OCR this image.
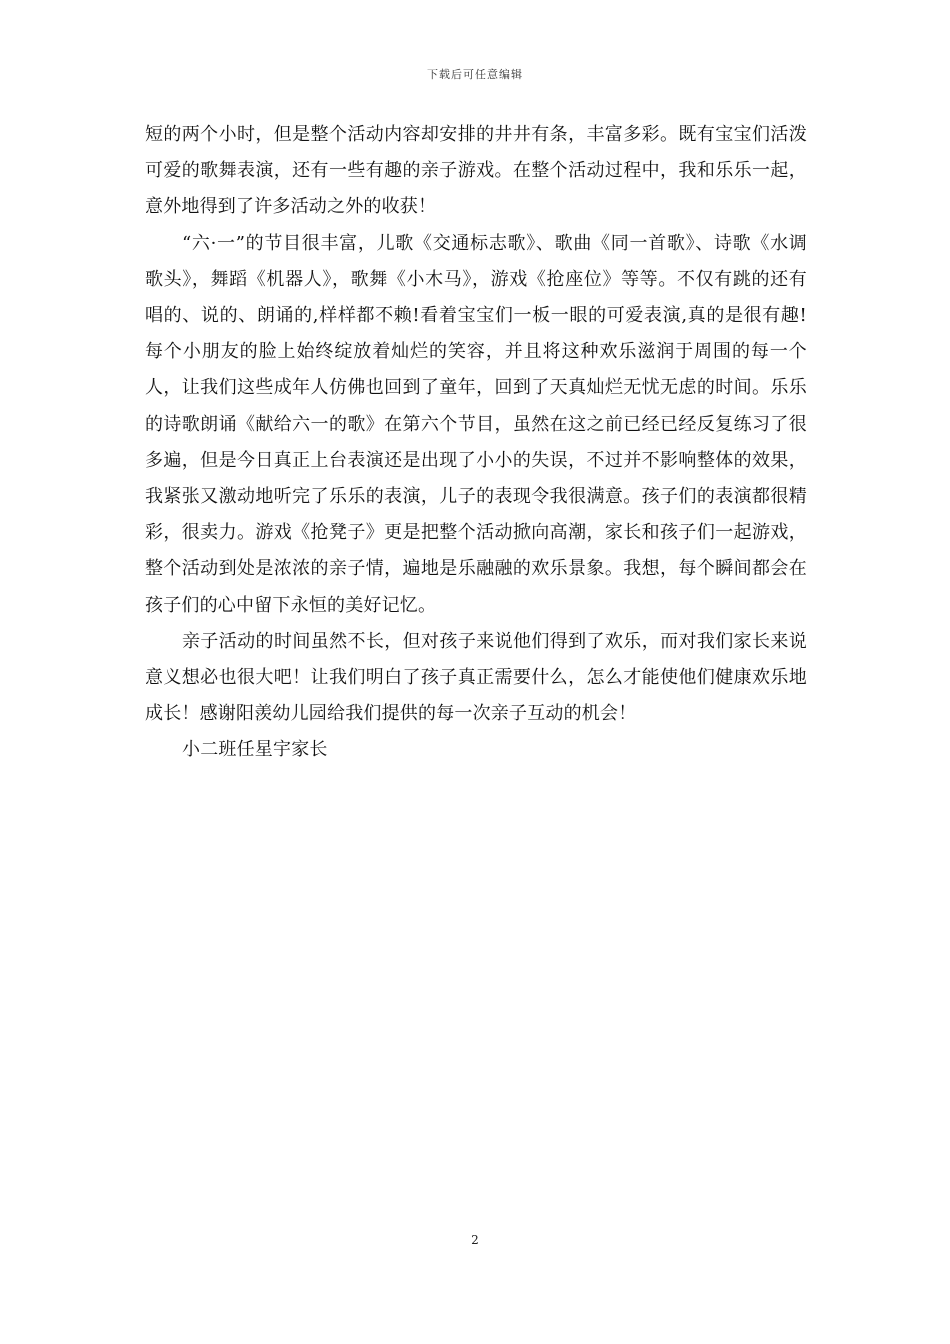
下载后可任意编辑

短的两个小时，但是整个活动内容却安排的井井有条，丰富多彩。既有宝宝们活泼可爱的歌舞表演，还有一些有趣的亲子游戏。在整个活动过程中，我和乐乐一起，意外地得到了许多活动之外的收获！

“六·一”的节目很丰富，儿歌《交通标志歌》、歌曲《同一首歌》、诗歌《水调歌头》，舞蹈《机器人》，歌舞《小木马》，游戏《抢座位》等等。不仅有跳的还有唱的、说的、朗诵的,样样都不赖!看着宝宝们一板一眼的可爱表演,真的是很有趣!每个小朋友的脸上始终绽放着灿烂的笑容，并且将这种欢乐滋润于周围的每一个人，让我们这些成年人仿佛也回到了童年，回到了天真灿烂无忧无虑的时间。乐乐的诗歌朗诵《献给六一的歌》在第六个节目，虽然在这之前已经已经反复练习了很多遍，但是今日真正上台表演还是出现了小小的失误，不过并不影响整体的效果，我紧张又激动地听完了乐乐的表演，儿子的表现令我很满意。孩子们的表演都很精彩，很卖力。游戏《抢凳子》更是把整个活动掀向高潮，家长和孩子们一起游戏，整个活动到处是浓浓的亲子情，遍地是乐融融的欢乐景象。我想，每个瞬间都会在孩子们的心中留下永恒的美好记忆。

亲子活动的时间虽然不长，但对孩子来说他们得到了欢乐，而对我们家长来说意义想必也很大吧！让我们明白了孩子真正需要什么，怎么才能使他们健康欢乐地成长！感谢阳羡幼儿园给我们提供的每一次亲子互动的机会！

小二班任星宇家长

2
